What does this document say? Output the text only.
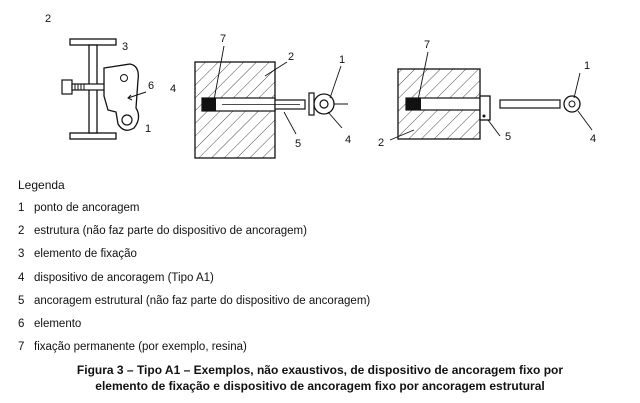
2
3
6
1
4
7
2	1
5	4
7
1
2	5	4
Legenda
1 ponto de ancoragem
2 estrutura (não faz parte do dispositivo de ancoragem)
3 elemento de fixação
4 dispositivo de ancoragem (Tipo A1)
5 ancoragem estrutural (não faz parte do dispositivo de ancoragem)
6 elemento
7 fixação permanente (por exemplo, resina)
Figura 3 – Tipo A1 – Exemplos, não exaustivos, de dispositivo de ancoragem fixo por
elemento de fixação e dispositivo de ancoragem fixo por ancoragem estrutural
